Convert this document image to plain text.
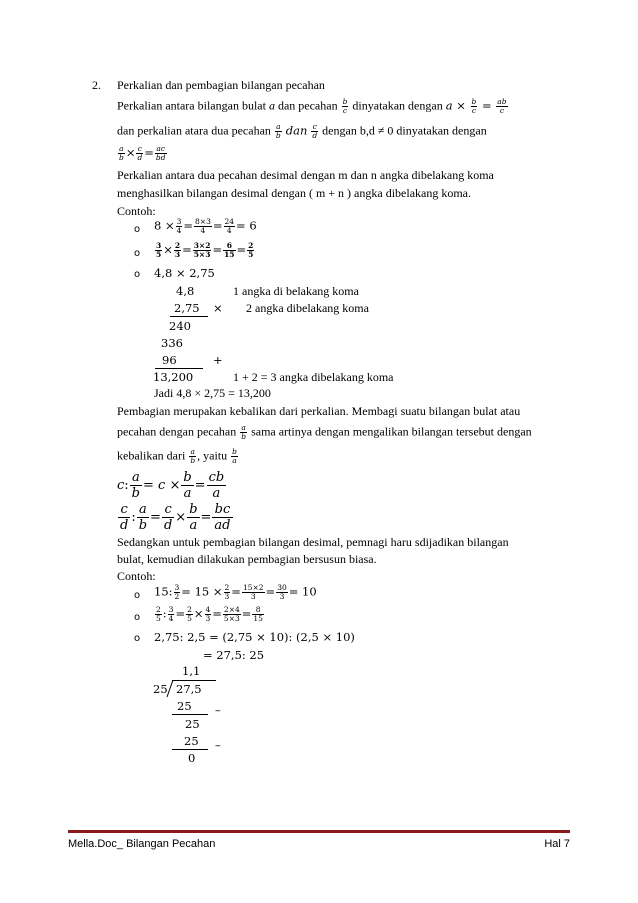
2. Perkalian dan pembagian bilangan pecahan
Perkalian antara bilangan bulat a dan pecahan $\frac{b}{c}$ dinyatakan dengan $a \times \frac{b}{c} = \frac{ab}{c}$
dan perkalian atara dua pecahan $\frac{a}{b}$ dan $\frac{c}{d}$ dengan b,d ≠ 0 dinyatakan dengan
$\frac{a}{b} \times \frac{c}{d} = \frac{ac}{bd}$
Perkalian antara dua pecahan desimal dengan m dan n angka dibelakang koma
menghasilkan bilangan desimal dengan ( m + n ) angka dibelakang koma.
Contoh:
o $8 \times \frac{3}{4} = \frac{8\times 3}{4} = \frac{24}{4} = 6$
o $\frac{3}{5} \times \frac{2}{3} = \frac{3\times 2}{5\times 3} = \frac{6}{15} = \frac{2}{5}$
o 4,8 × 2,75
4,8	1 angka di belakang koma
2,75 × 2 angka dibelakang koma
240
336
96	+
13,200	1 + 2 = 3 angka dibelakang koma
Jadi 4,8 × 2,75 = 13,200
Pembagian merupakan kebalikan dari perkalian. Membagi suatu bilangan bulat atau
pecahan dengan pecahan $\frac{a}{b}$ sama artinya dengan mengalikan bilangan tersebut dengan
kebalikan dari $\frac{a}{b}$ , yaitu $\frac{b}{a}$
c: $\frac{a}{b} = c \times \frac{b}{a} = \frac{cb}{a}$
$\frac{c}{d}$ : $\frac{a}{b} = \frac{c}{d} \times \frac{b}{a} = \frac{bc}{ad}$
Sedangkan untuk pembagian bilangan desimal, pemnagi haru sdijadikan bilangan
bulat, kemudian dilakukan pembagian bersusun biasa.
Contoh:
o 15: $\frac{3}{2} = 15 \times \frac{2}{3} = \frac{15\times 2}{3} = \frac{30}{3} = 10$
o $\frac{2}{5}$ : $\frac{3}{4} = \frac{2}{5} \times \frac{4}{3} = \frac{2\times 4}{5\times 3} = \frac{8}{15}$
o 2,75: 2,5 = (2,75 × 10): (2,5 × 10)
= 27,5: 25
1,1
25 27,5
25 –
25
25 –
0
Mella.Doc_ Bilangan Pecahan	Hal 7
